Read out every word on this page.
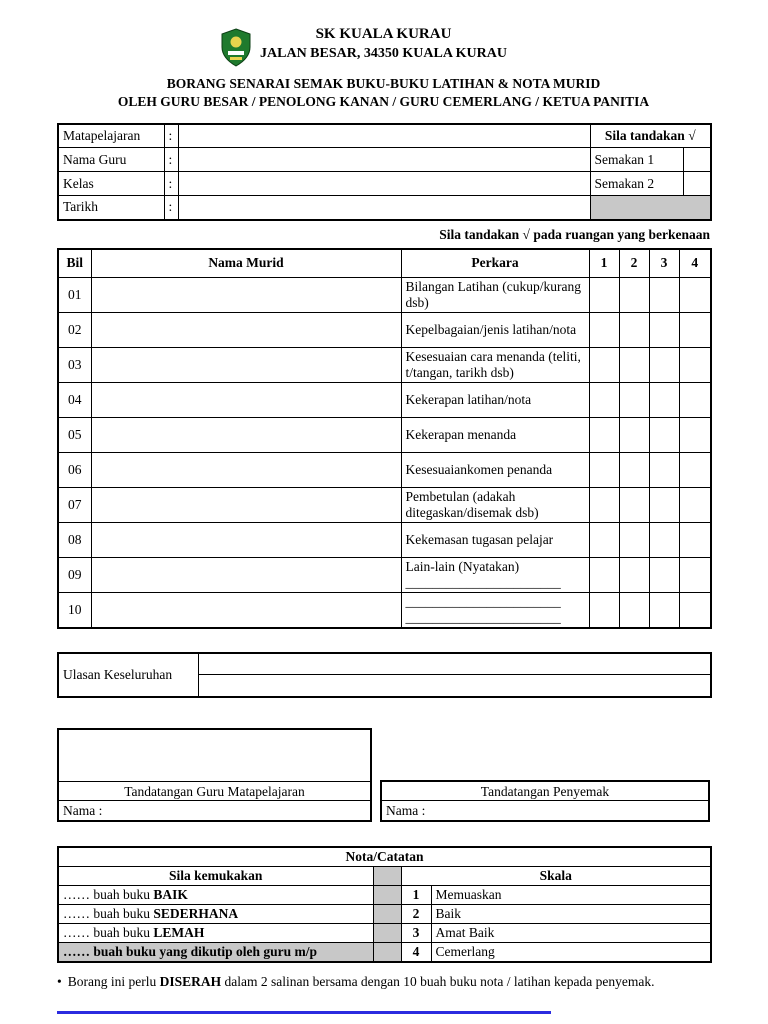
SK KUALA KURAU
JALAN BESAR, 34350 KUALA KURAU
BORANG SENARAI SEMAK BUKU-BUKU LATIHAN & NOTA MURID
OLEH GURU BESAR / PENOLONG KANAN / GURU CEMERLANG / KETUA PANITIA
Matapelajaran	:		Sila tandakan √	
Nama Guru	:		Semakan 1	
Kelas	:		Semakan 2	
Tarikh	:			
Sila tandakan √ pada ruangan yang berkenaan
Bil	Nama Murid	Perkara	1	2	3	4
01		Bilangan Latihan (cukup/kurang dsb)				
02		Kepelbagaian/jenis latihan/nota				
03		Kesesuaian cara menanda (teliti, t/tangan, tarikh dsb)				
04		Kekerapan latihan/nota				
05		Kekerapan menanda				
06		Kesesuaiankomen penanda				
07		Pembetulan (adakah ditegaskan/disemak dsb)				
08		Kekemasan tugasan pelajar				
09		Lain-lain (Nyatakan)
_______________________				

10		_______________________
_______________________				

Ulasan Keseluruhan	

Tandatangan Guru Matapelajaran
Nama :
Tandatangan Penyemak
Nama :
Nota/Catatan			
Sila kemukakan		Skala	
…… buah buku BAIK		1	Memuaskan
…… buah buku SEDERHANA		2	Baik
…… buah buku LEMAH		3	Amat Baik
…… buah buku yang dikutip oleh guru m/p		4	Cemerlang
• Borang ini perlu DISERAH dalam 2 salinan bersama dengan 10 buah buku nota / latihan kepada penyemak.
